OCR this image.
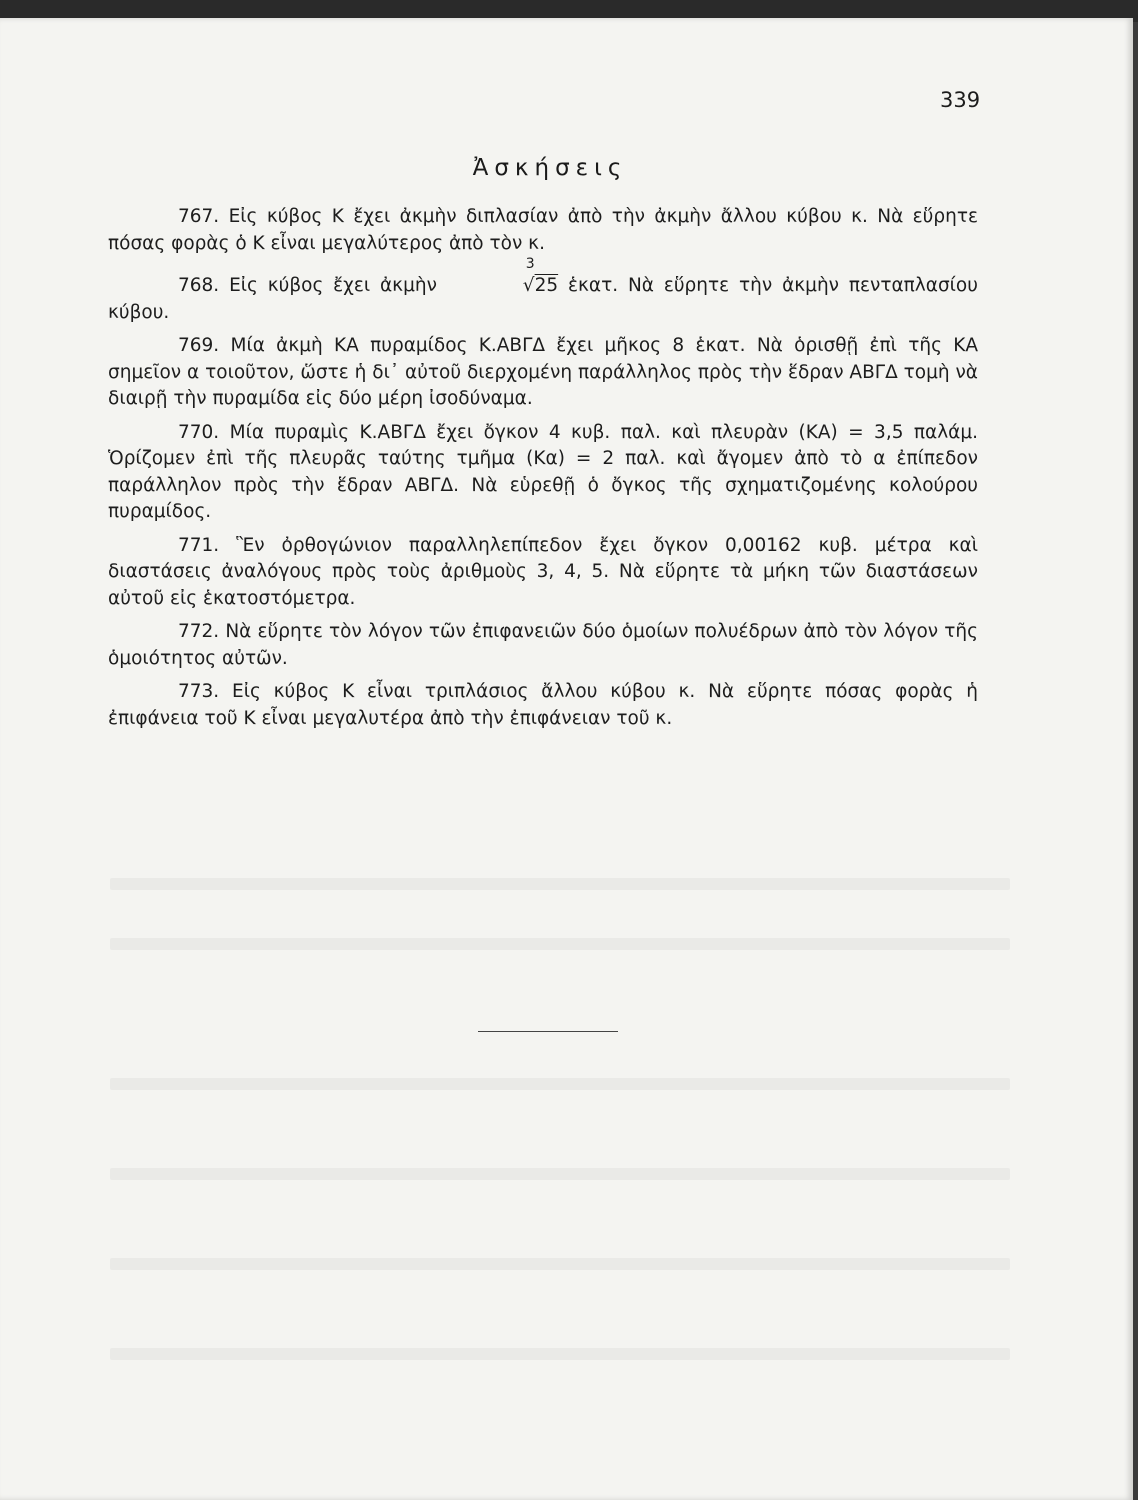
339
Ἀσκήσεις

767. Εἰς κύβος Κ ἔχει ἀκμὴν διπλασίαν ἀπὸ τὴν ἀκμὴν ἄλλου κύβου κ. Νὰ εὕρητε πόσας φορὰς ὁ Κ εἶναι μεγαλύτερος ἀπὸ τὸν κ.

768. Εἰς κύβος ἔχει ἀκμὴν
3
√25 ἑκατ. Νὰ εὕρητε τὴν ἀκμὴν πενταπλασίου κύβου.

769. Μία ἀκμὴ ΚΑ πυραμίδος Κ.ΑΒΓΔ ἔχει μῆκος 8 ἑκατ. Νὰ ὁρισθῇ ἐπὶ τῆς ΚΑ σημεῖον α τοιοῦτον, ὥστε ἡ δι᾽ αὐτοῦ διερχομένη παράλληλος πρὸς τὴν ἕδραν ΑΒΓΔ τομὴ νὰ διαιρῇ τὴν πυραμίδα εἰς δύο μέρη ἰσοδύναμα.

770. Μία πυραμὶς Κ.ΑΒΓΔ ἔχει ὄγκον 4 κυβ. παλ. καὶ πλευρὰν (ΚΑ) = 3,5 παλάμ. Ὁρίζομεν ἐπὶ τῆς πλευρᾶς ταύτης τμῆμα (Κα) = 2 παλ. καὶ ἄγομεν ἀπὸ τὸ α ἐπίπεδον παράλληλον πρὸς τὴν ἕδραν ΑΒΓΔ. Νὰ εὑρεθῇ ὁ ὄγκος τῆς σχηματιζομένης κολούρου πυραμίδος.

771. Ἓν ὀρθογώνιον παραλληλεπίπεδον ἔχει ὄγκον 0,00162 κυβ. μέτρα καὶ διαστάσεις ἀναλόγους πρὸς τοὺς ἀριθμοὺς 3, 4, 5. Νὰ εὕρητε τὰ μήκη τῶν διαστάσεων αὐτοῦ εἰς ἑκατοστόμετρα.

772. Νὰ εὕρητε τὸν λόγον τῶν ἐπιφανειῶν δύο ὁμοίων πολυέδρων ἀπὸ τὸν λόγον τῆς ὁμοιότητος αὐτῶν.

773. Εἰς κύβος Κ εἶναι τριπλάσιος ἄλλου κύβου κ. Νὰ εὕρητε πόσας φορὰς ἡ ἐπιφάνεια τοῦ Κ εἶναι μεγαλυτέρα ἀπὸ τὴν ἐπιφάνειαν τοῦ κ.
